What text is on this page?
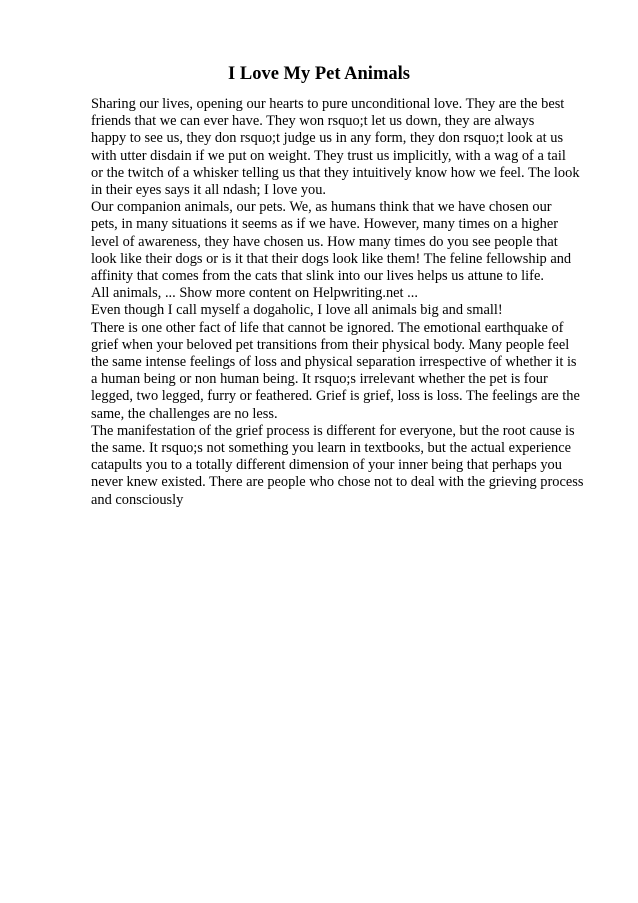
I Love My Pet Animals
Sharing our lives, opening our hearts to pure unconditional love. They are the best
friends that we can ever have. They won rsquo;t let us down, they are always
happy to see us, they don rsquo;t judge us in any form, they don rsquo;t look at us
with utter disdain if we put on weight. They trust us implicitly, with a wag of a tail
or the twitch of a whisker telling us that they intuitively know how we feel. The look
in their eyes says it all ndash; I love you.
Our companion animals, our pets. We, as humans think that we have chosen our
pets, in many situations it seems as if we have. However, many times on a higher
level of awareness, they have chosen us. How many times do you see people that
look like their dogs or is it that their dogs look like them! The feline fellowship and
affinity that comes from the cats that slink into our lives helps us attune to life.
All animals, ... Show more content on Helpwriting.net ...
Even though I call myself a dogaholic, I love all animals big and small!
There is one other fact of life that cannot be ignored. The emotional earthquake of
grief when your beloved pet transitions from their physical body. Many people feel
the same intense feelings of loss and physical separation irrespective of whether it is
a human being or non human being. It rsquo;s irrelevant whether the pet is four
legged, two legged, furry or feathered. Grief is grief, loss is loss. The feelings are the
same, the challenges are no less.
The manifestation of the grief process is different for everyone, but the root cause is
the same. It rsquo;s not something you learn in textbooks, but the actual experience
catapults you to a totally different dimension of your inner being that perhaps you
never knew existed. There are people who chose not to deal with the grieving process
and consciously
